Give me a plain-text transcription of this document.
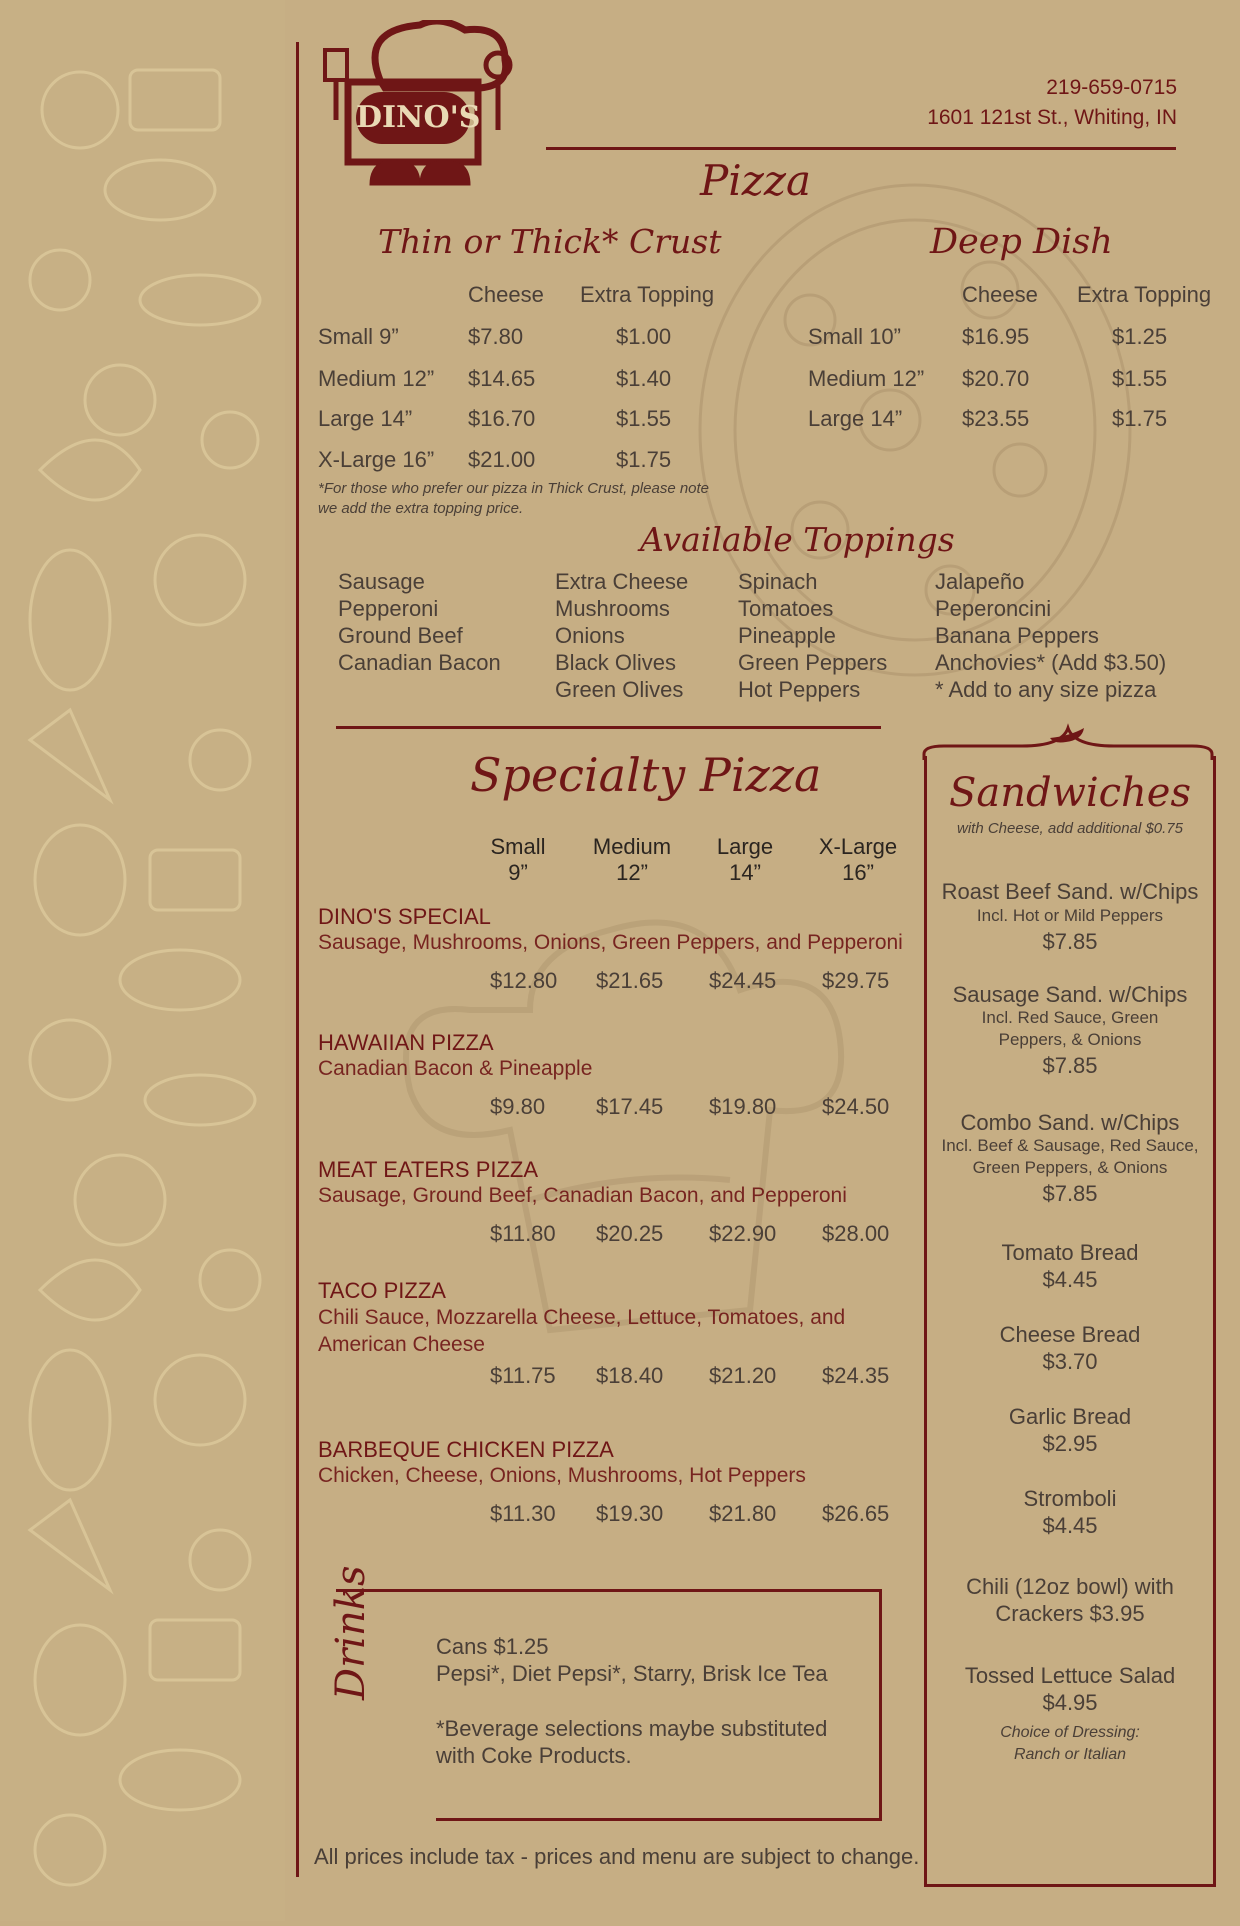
DINO'S
219-659-0715
1601 121st St., Whiting, IN
Pizza
Thin or Thick* Crust
Cheese Extra Topping
Small 9”	$7.80	$1.00
Medium 12” $14.65	$1.40
Large 14”	$16.70	$1.55
X-Large 16” $21.00	$1.75
*For those who prefer our pizza in Thick Crust, please note
we add the extra topping price.
Deep Dish
Cheese Extra Topping
Small 10”	$16.95	$1.25
Medium 12” $20.70	$1.55
Large 14”	$23.55	$1.75
Available Toppings
Sausage
Pepperoni
Ground Beef
Canadian Bacon
Extra Cheese
Mushrooms
Onions
Black Olives
Green Olives
Spinach
Tomatoes
Pineapple
Green Peppers
Hot Peppers
Jalapeño
Peperoncini
Banana Peppers
Anchovies* (Add $3.50)
* Add to any size pizza
Specialty Pizza
Small
9”
Medium
12”
Large
14”
X-Large
16”
DINO'S SPECIAL
Sausage, Mushrooms, Onions, Green Peppers, and Pepperoni
$12.80 $21.65 $24.45 $29.75
HAWAIIAN PIZZA
Canadian Bacon & Pineapple
$9.80 $17.45 $19.80 $24.50
MEAT EATERS PIZZA
Sausage, Ground Beef, Canadian Bacon, and Pepperoni
$11.80 $20.25 $22.90 $28.00
TACO PIZZA
Chili Sauce, Mozzarella Cheese, Lettuce, Tomatoes, and
American Cheese
$11.75 $18.40 $21.20 $24.35
BARBEQUE CHICKEN PIZZA
Chicken, Cheese, Onions, Mushrooms, Hot Peppers
$11.30 $19.30 $21.80 $26.65
Sandwiches
with Cheese, add additional $0.75
Roast Beef Sand. w/Chips
Incl. Hot or Mild Peppers
$7.85
Sausage Sand. w/Chips
Incl. Red Sauce, Green
Peppers, & Onions
$7.85
Combo Sand. w/Chips
Incl. Beef & Sausage, Red Sauce,
Green Peppers, & Onions
$7.85
Tomato Bread
$4.45
Cheese Bread
$3.70
Garlic Bread
$2.95
Stromboli
$4.45
Chili (12oz bowl) with
Crackers $3.95
Tossed Lettuce Salad
$4.95
Choice of Dressing:
Ranch or Italian
Drinks	Cans $1.25
Pepsi*, Diet Pepsi*, Starry, Brisk Ice Tea
*Beverage selections maybe substituted
with Coke Products.
All prices include tax - prices and menu are subject to change.
